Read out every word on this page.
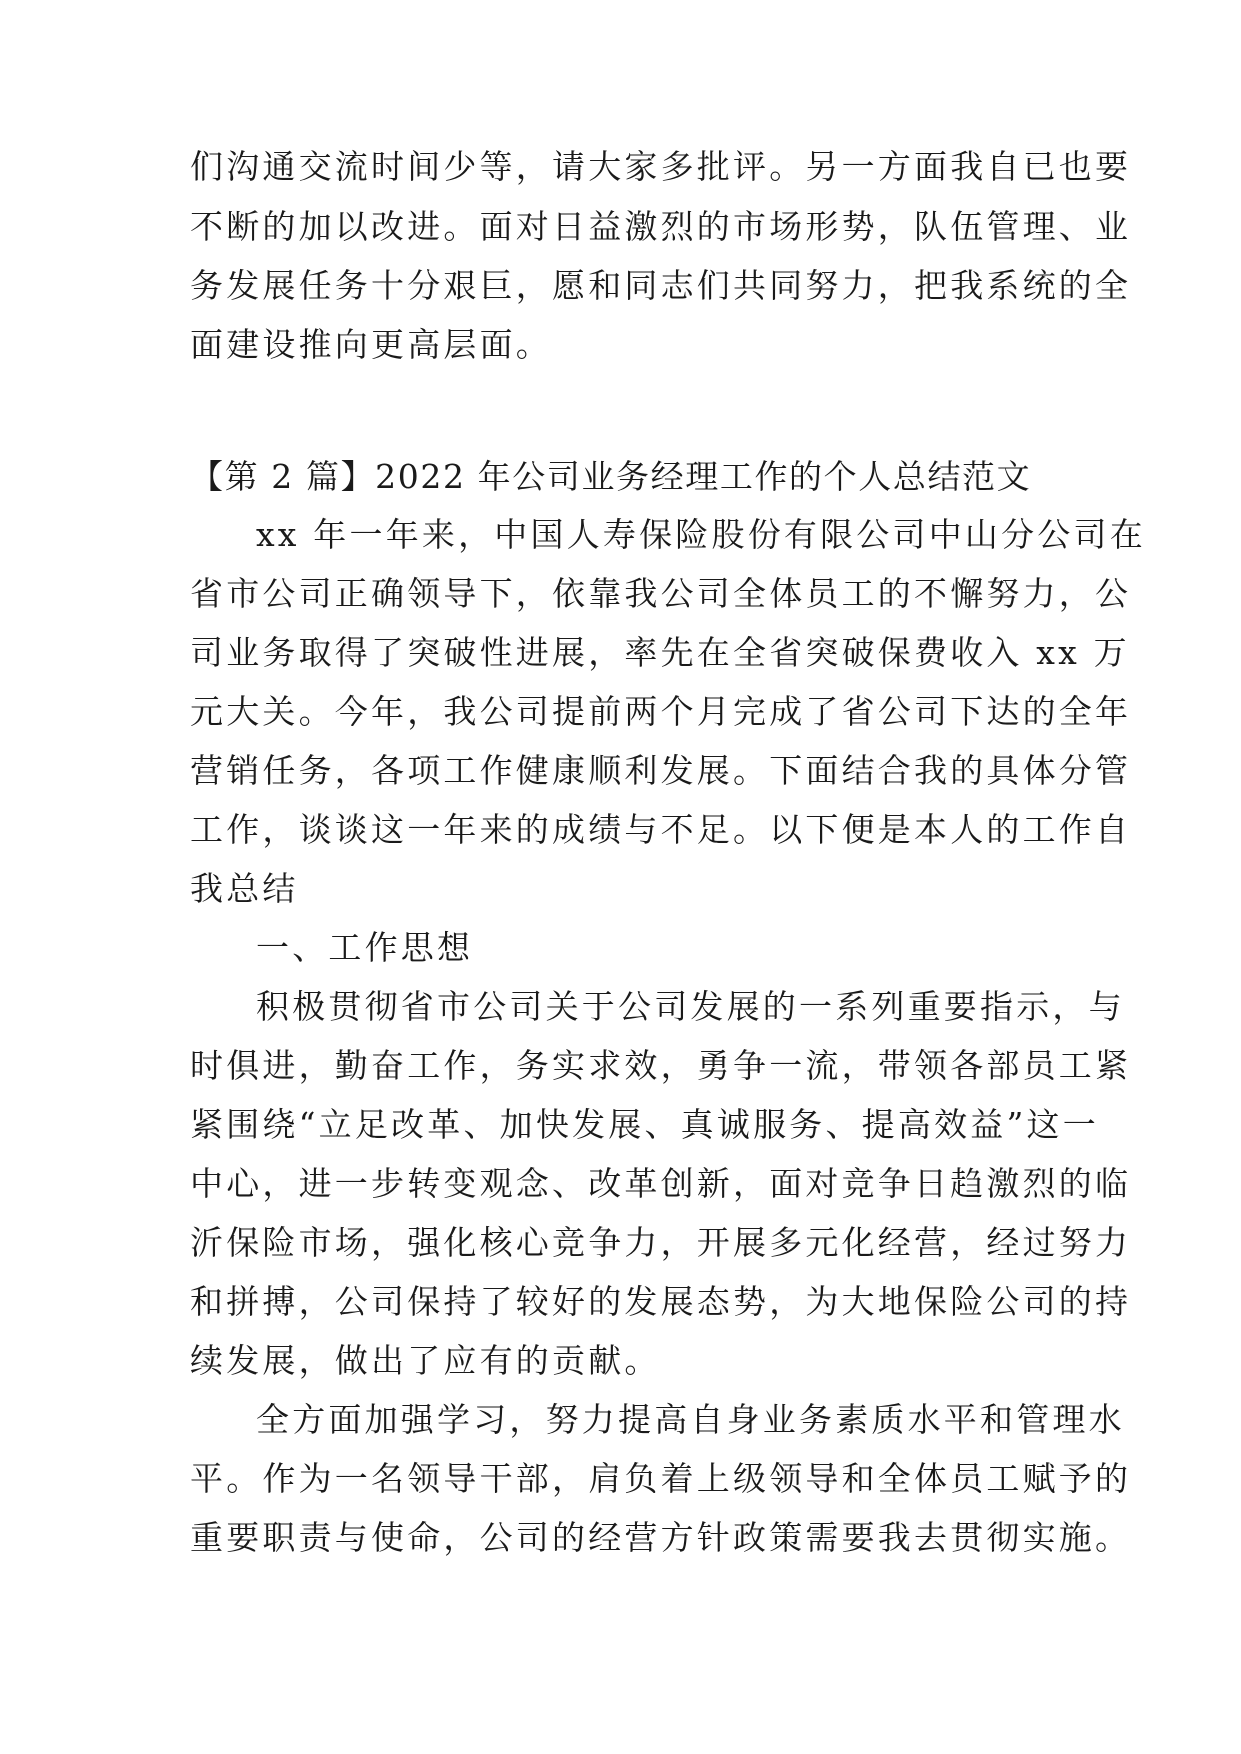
们沟通交流时间少等，请大家多批评。另一方面我自已也要
不断的加以改进。面对日益激烈的市场形势，队伍管理、业
务发展任务十分艰巨，愿和同志们共同努力，把我系统的全
面建设推向更高层面。
【第 2 篇】2022 年公司业务经理工作的个人总结范文
xx 年一年来，中国人寿保险股份有限公司中山分公司在
省市公司正确领导下，依靠我公司全体员工的不懈努力，公
司业务取得了突破性进展，率先在全省突破保费收入 xx 万
元大关。今年，我公司提前两个月完成了省公司下达的全年
营销任务，各项工作健康顺利发展。下面结合我的具体分管
工作，谈谈这一年来的成绩与不足。以下便是本人的工作自
我总结
一、工作思想
积极贯彻省市公司关于公司发展的一系列重要指示，与
时俱进，勤奋工作，务实求效，勇争一流，带领各部员工紧
紧围绕“立足改革、加快发展、真诚服务、提高效益”这一
中心，进一步转变观念、改革创新，面对竞争日趋激烈的临
沂保险市场，强化核心竞争力，开展多元化经营，经过努力
和拼搏，公司保持了较好的发展态势，为大地保险公司的持
续发展，做出了应有的贡献。
全方面加强学习，努力提高自身业务素质水平和管理水
平。作为一名领导干部，肩负着上级领导和全体员工赋予的
重要职责与使命，公司的经营方针政策需要我去贯彻实施。
